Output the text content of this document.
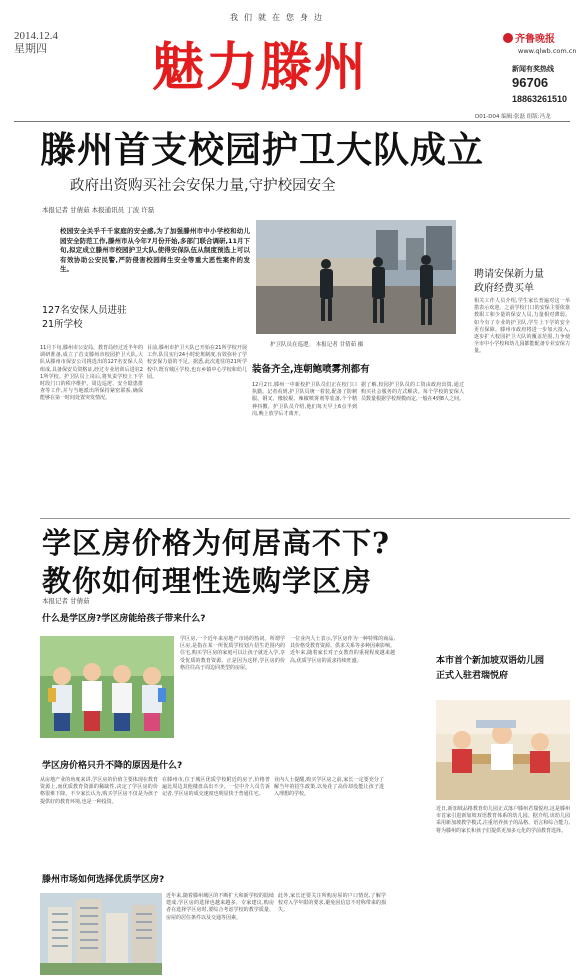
2014.12.4
星期四
我们就在您身边
魅力滕州	齐鲁晚报
www.qlwb.com.cn
新闻有奖热线
96706
18863261510
D01-D04 编辑:张磊 组版:冯龙
滕州首支校园护卫大队成立
政府出资购买社会安保力量,守护校园安全
本报记者 甘倩茹 本报通讯员 丁波 许磊
校园安全关乎千千家庭的安全感,为了加强滕州市中小学校和幼儿园安全防范工作,滕州市从今年7月份开始,多部门联合调研,11月下旬,拟定成立滕州市校园护卫大队,使得安保队伍从制度预选上可以有效协助公安民警,严防侵害校园师生安全等重大恶性案件的发生。
护卫队员在巡逻。 本报记者 甘倩茹 摄
聘请安保新力量
政府经费买单
相关工作人员介绍,学生家长普遍对这一举措表示欢迎。之前学校门口的安保主要依靠教职工和少量的保安人员,力量相对薄弱。如今有了专业的护卫队,学生上下学的安全更有保障。滕州市政府将进一步加大投入,逐步扩大校园护卫大队的覆盖范围,力争使全市中小学校和幼儿园都能配备专业安保力量。
127名安保人员进驻
21所学校
11月下旬,滕州市公安局、教育局经过近半年的调研准备,成立了首支滕州市校园护卫大队,大队从滕州市保安公司挑选出的127名安保人员组成,具备保安员资格证,经过专业培训后进驻21所学校。护卫队员上岗后,将负责学校上下学时段门口的秩序维护、周边巡逻、安全隐患排查等工作,并与当地派出所保持紧密联系,确保能够在第一时间处置突发情况。
目前,滕州市护卫大队已开始在21所学校开展工作,队员实行24小时轮班制度,有效弥补了学校安保力量的不足。据悉,此次进驻的21所学校中,既有城区学校,也有乡镇中心学校和幼儿园。
装备齐全,连朝鲍喷雾剂都有
12月2日,滕州一中新校护卫队员们正在校门口执勤。记者看到,护卫队员统一着装,配备了防刺服、钢叉、橡胶棍、辣椒喷雾剂等装备,个个精神抖擞。护卫队员介绍,他们每天早上6点半到岗,晚上放学后才离开。
据了解,校园护卫队员的工资由政府出资,通过购买社会服务的方式解决。每个学校的安保人员数量根据学校规模而定,一般在4到8人之间。
学区房价格为何居高不下?
教你如何理性选购学区房
本报记者 甘倩茹
什么是学区房?学区房能给孩子带来什么?
学区房,一个近年来房地产市场的热词。所谓学区房,是指在某一所优质学校划片招生范围内的住宅,购买学区房的家庭可以让孩子就近入学,享受优质的教育资源。正是因为这样,学区房的价格往往高于周边同类型的房屋。
一位业内人士表示,学区房作为一种特殊的商品,其价格受教育资源、供求关系等多种因素影响。近年来,随着家长对子女教育的重视程度越来越高,优质学区房的需求持续旺盛。
学区房价格只升不降的原因是什么?
从房地产业的角度来讲,学区房的价值主要体现在教育资源上,而优质教育资源的稀缺性,决定了学区房的价格很难下降。不少家长认为,购买学区房不仅是为孩子提供好的教育环境,也是一种投资。
在滕州市,位于城区优质学校附近的房子,价格普遍比周边其他楼盘高出不少。一位中介人员告诉记者,学区房的成交速度也明显快于普通住宅。
业内人士提醒,购买学区房之前,家长一定要充分了解当年的招生政策,以免花了高价却没能让孩子进入理想的学校。
滕州市场如何选择优质学区房?
近年来,随着滕州城区的不断扩大和新学校的陆续建成,学区房的选择也越来越多。专家建议,购房者在选择学区房时,要综合考虑学校的教学质量、房屋的居住条件以及交通等因素。
此外,家长还要关注所购房屋的户口情况,了解学校对入学年限的要求,避免因信息不对称带来的损失。
本市首个新加坡双语幼儿园
正式入驻君瑞悦府
近日,新加坡品格教育幼儿园正式落户滕州君瑞悦府,这是滕州市首家引进新加坡双语教育体系的幼儿园。据介绍,该幼儿园采用新加坡教学模式,注重培养孩子的品格、语言和综合能力,将为滕州的家长和孩子们提供更加多元化的学前教育选择。
